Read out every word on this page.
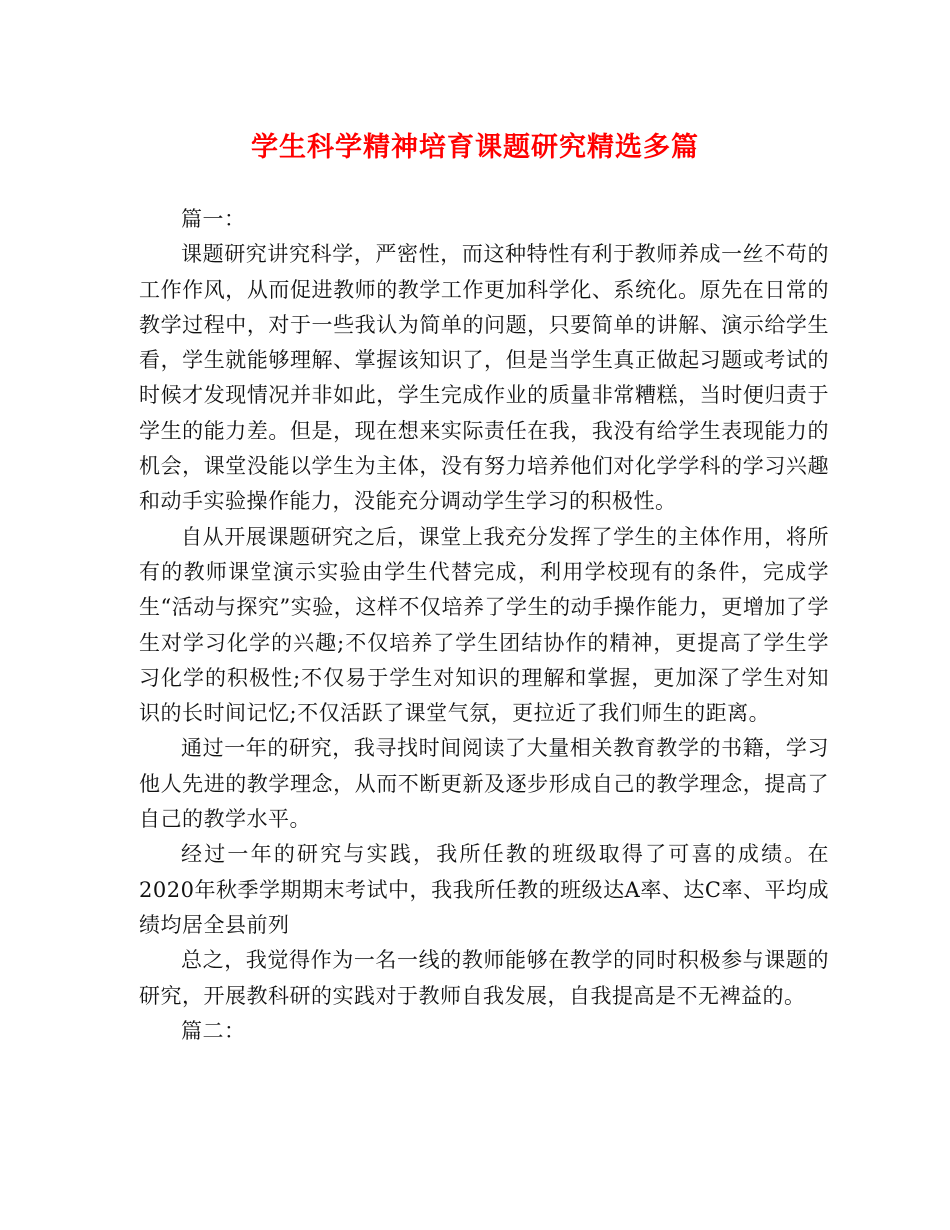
学生科学精神培育课题研究精选多篇

篇一：

课题研究讲究科学，严密性，而这种特性有利于教师养成一丝不苟的工作作风，从而促进教师的教学工作更加科学化、系统化。原先在日常的教学过程中，对于一些我认为简单的问题，只要简单的讲解、演示给学生看，学生就能够理解、掌握该知识了，但是当学生真正做起习题或考试的时候才发现情况并非如此，学生完成作业的质量非常糟糕，当时便归责于学生的能力差。但是，现在想来实际责任在我，我没有给学生表现能力的机会，课堂没能以学生为主体，没有努力培养他们对化学学科的学习兴趣和动手实验操作能力，没能充分调动学生学习的积极性。

自从开展课题研究之后，课堂上我充分发挥了学生的主体作用，将所有的教师课堂演示实验由学生代替完成，利用学校现有的条件，完成学生“活动与探究”实验，这样不仅培养了学生的动手操作能力，更增加了学生对学习化学的兴趣;不仅培养了学生团结协作的精神，更提高了学生学习化学的积极性;不仅易于学生对知识的理解和掌握，更加深了学生对知识的长时间记忆;不仅活跃了课堂气氛，更拉近了我们师生的距离。

通过一年的研究，我寻找时间阅读了大量相关教育教学的书籍，学习他人先进的教学理念，从而不断更新及逐步形成自己的教学理念，提高了自己的教学水平。

经过一年的研究与实践，我所任教的班级取得了可喜的成绩。在2020年秋季学期期末考试中，我我所任教的班级达A率、达C率、平均成绩均居全县前列

总之，我觉得作为一名一线的教师能够在教学的同时积极参与课题的研究，开展教科研的实践对于教师自我发展，自我提高是不无裨益的。

篇二：
